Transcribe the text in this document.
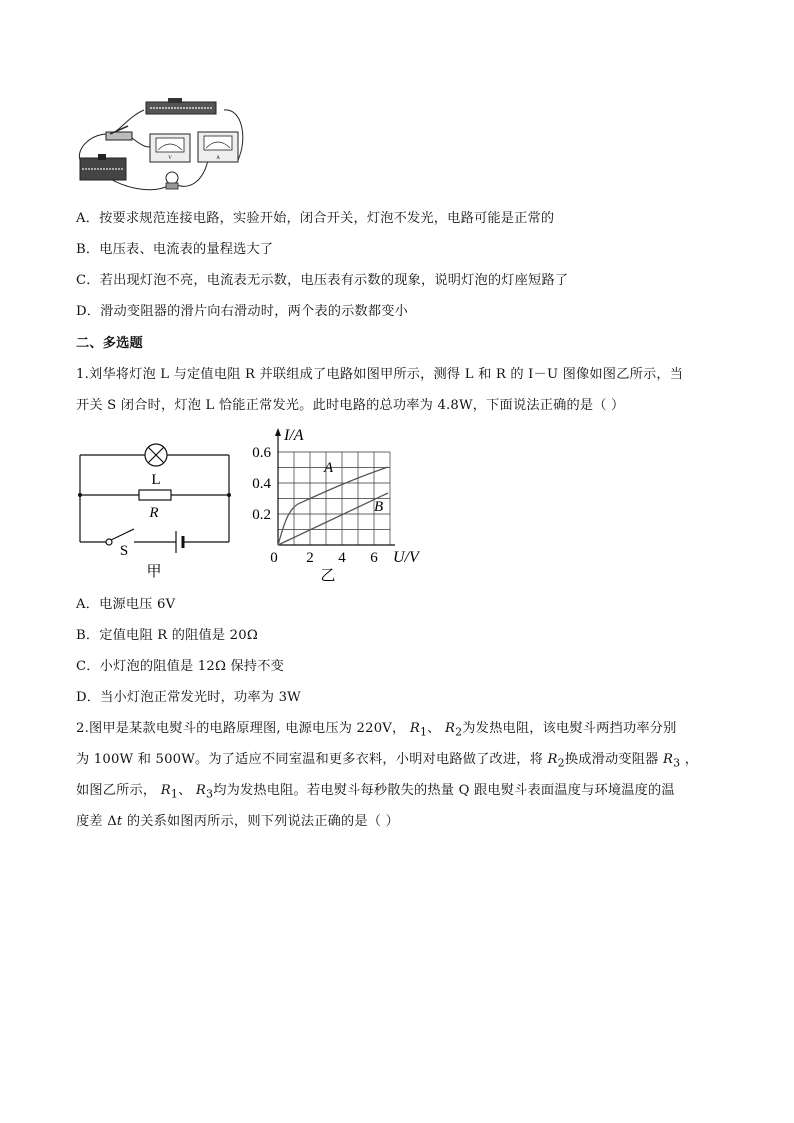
V	A
A．按要求规范连接电路，实验开始，闭合开关，灯泡不发光，电路可能是正常的
B．电压表、电流表的量程选大了
C．若出现灯泡不亮，电流表无示数，电压表有示数的现象，说明灯泡的灯座短路了
D．滑动变阻器的滑片向右滑动时，两个表的示数都变小
二、多选题
1.刘华将灯泡 L 与定值电阻 R 并联组成了电路如图甲所示，测得 L 和 R 的 I－U 图像如图乙所示，当
开关 S 闭合时，灯泡 L 恰能正常发光。此时电路的总功率为 4.8W，下面说法正确的是（ ）
L
R
S
甲
I/A
0.6
0.4
0.2
0 2 4 6 U/V
A
B
乙
A．电源电压 6V
B．定值电阻 R 的阻值是 20Ω
C．小灯泡的阻值是 12Ω 保持不变
D．当小灯泡正常发光时，功率为 3W
2.图甲是某款电熨斗的电路原理图, 电源电压为 220V， $R_1$、 $R_2$为发热电阻，该电熨斗两挡功率分别
为 100W 和 500W。为了适应不同室温和更多衣料，小明对电路做了改进，将 $R_2$换成滑动变阻器 $R_3$ ，
如图乙所示， $R_1$、 $R_3$均为发热电阻。若电熨斗每秒散失的热量 Q 跟电熨斗表面温度与环境温度的温
度差 Δt 的关系如图丙所示，则下列说法正确的是（ ）
